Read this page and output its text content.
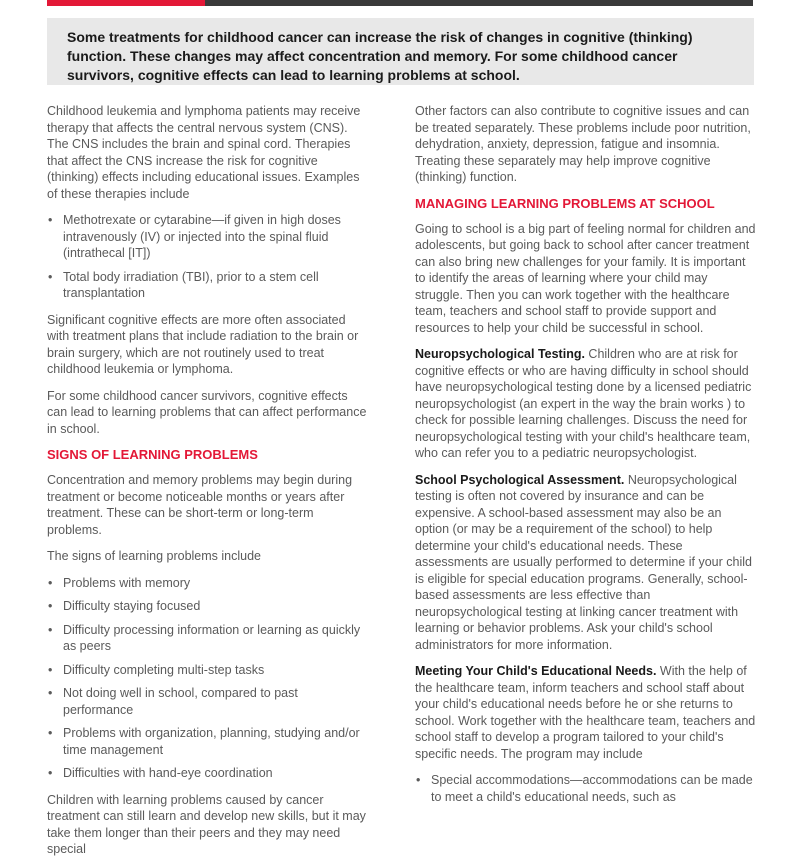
Some treatments for childhood cancer can increase the risk of changes in cognitive (thinking) function. These changes may affect concentration and memory. For some childhood cancer survivors, cognitive effects can lead to learning problems at school.

Childhood leukemia and lymphoma patients may receive therapy that affects the central nervous system (CNS). The CNS includes the brain and spinal cord. Therapies that affect the CNS increase the risk for cognitive (thinking) effects including educational issues. Examples of these therapies include

• Methotrexate or cytarabine—if given in high doses intravenously (IV) or injected into the spinal fluid (intrathecal [IT])
• Total body irradiation (TBI), prior to a stem cell transplantation

Significant cognitive effects are more often associated with treatment plans that include radiation to the brain or brain surgery, which are not routinely used to treat childhood leukemia or lymphoma.

For some childhood cancer survivors, cognitive effects can lead to learning problems that can affect performance in school.

SIGNS OF LEARNING PROBLEMS

Concentration and memory problems may begin during treatment or become noticeable months or years after treatment. These can be short-term or long-term problems.

The signs of learning problems include

• Problems with memory
• Difficulty staying focused
• Difficulty processing information or learning as quickly as peers
• Difficulty completing multi-step tasks
• Not doing well in school, compared to past performance
• Problems with organization, planning, studying and/or time management
• Difficulties with hand-eye coordination

Children with learning problems caused by cancer treatment can still learn and develop new skills, but it may take them longer than their peers and they may need special

Other factors can also contribute to cognitive issues and can be treated separately. These problems include poor nutrition, dehydration, anxiety, depression, fatigue and insomnia. Treating these separately may help improve cognitive (thinking) function.

MANAGING LEARNING PROBLEMS AT SCHOOL

Going to school is a big part of feeling normal for children and adolescents, but going back to school after cancer treatment can also bring new challenges for your family. It is important to identify the areas of learning where your child may struggle. Then you can work together with the healthcare team, teachers and school staff to provide support and resources to help your child be successful in school.

Neuropsychological Testing. Children who are at risk for cognitive effects or who are having difficulty in school should have neuropsychological testing done by a licensed pediatric neuropsychologist (an expert in the way the brain works ) to check for possible learning challenges. Discuss the need for neuropsychological testing with your child's healthcare team, who can refer you to a pediatric neuropsychologist.

School Psychological Assessment. Neuropsychological testing is often not covered by insurance and can be expensive. A school-based assessment may also be an option (or may be a requirement of the school) to help determine your child's educational needs. These assessments are usually performed to determine if your child is eligible for special education programs. Generally, school-based assessments are less effective than neuropsychological testing at linking cancer treatment with learning or behavior problems. Ask your child's school administrators for more information.

Meeting Your Child's Educational Needs. With the help of the healthcare team, inform teachers and school staff about your child's educational needs before he or she returns to school. Work together with the healthcare team, teachers and school staff to develop a program tailored to your child's specific needs. The program may include

• Special accommodations—accommodations can be made to meet a child's educational needs, such as
